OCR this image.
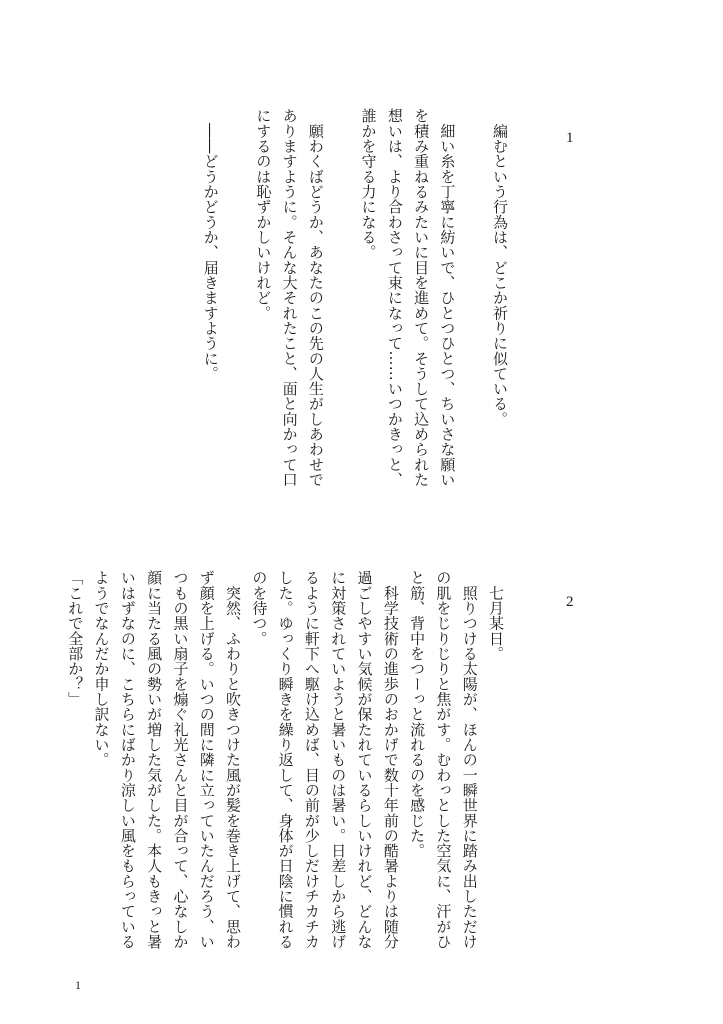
1
　編むという行為は、どこか祈りに似ている。
　細い糸を丁寧に紡いで、ひとつひとつ、ちいさな願い
を積み重ねるみたいに目を進めて。そうして込められた
想いは、より合わさって束になって……いつかきっと、
誰かを守る力になる。
　願わくばどうか、あなたのこの先の人生がしあわせで
ありますように。そんな大それたこと、面と向かって口
にするのは恥ずかしいけれど。
　――どうかどうか、届きますように。
2
　七月某日。
　照りつける太陽が、ほんの一瞬世界に踏み出しただけ
の肌をじりじりと焦がす。むわっとした空気に、汗がひ
と筋、背中をつーっと流れるのを感じた。
　科学技術の進歩のおかげで数十年前の酷暑よりは随分
過ごしやすい気候が保たれているらしいけれど、どんな
に対策されていようと暑いものは暑い。日差しから逃げ
るように軒下へ駆け込めば、目の前が少しだけチカチカ
した。ゆっくり瞬きを繰り返して、身体が日陰に慣れる
のを待つ。
　突然、ふわりと吹きつけた風が髪を巻き上げて、思わ
ず顔を上げる。いつの間に隣に立っていたんだろう、い
つもの黒い扇子を煽ぐ礼光さんと目が合って、心なしか
顔に当たる風の勢いが増した気がした。本人もきっと暑
いはずなのに、こちらにばかり涼しい風をもらっている
ようでなんだか申し訳ない。
「これで全部か？」
1
